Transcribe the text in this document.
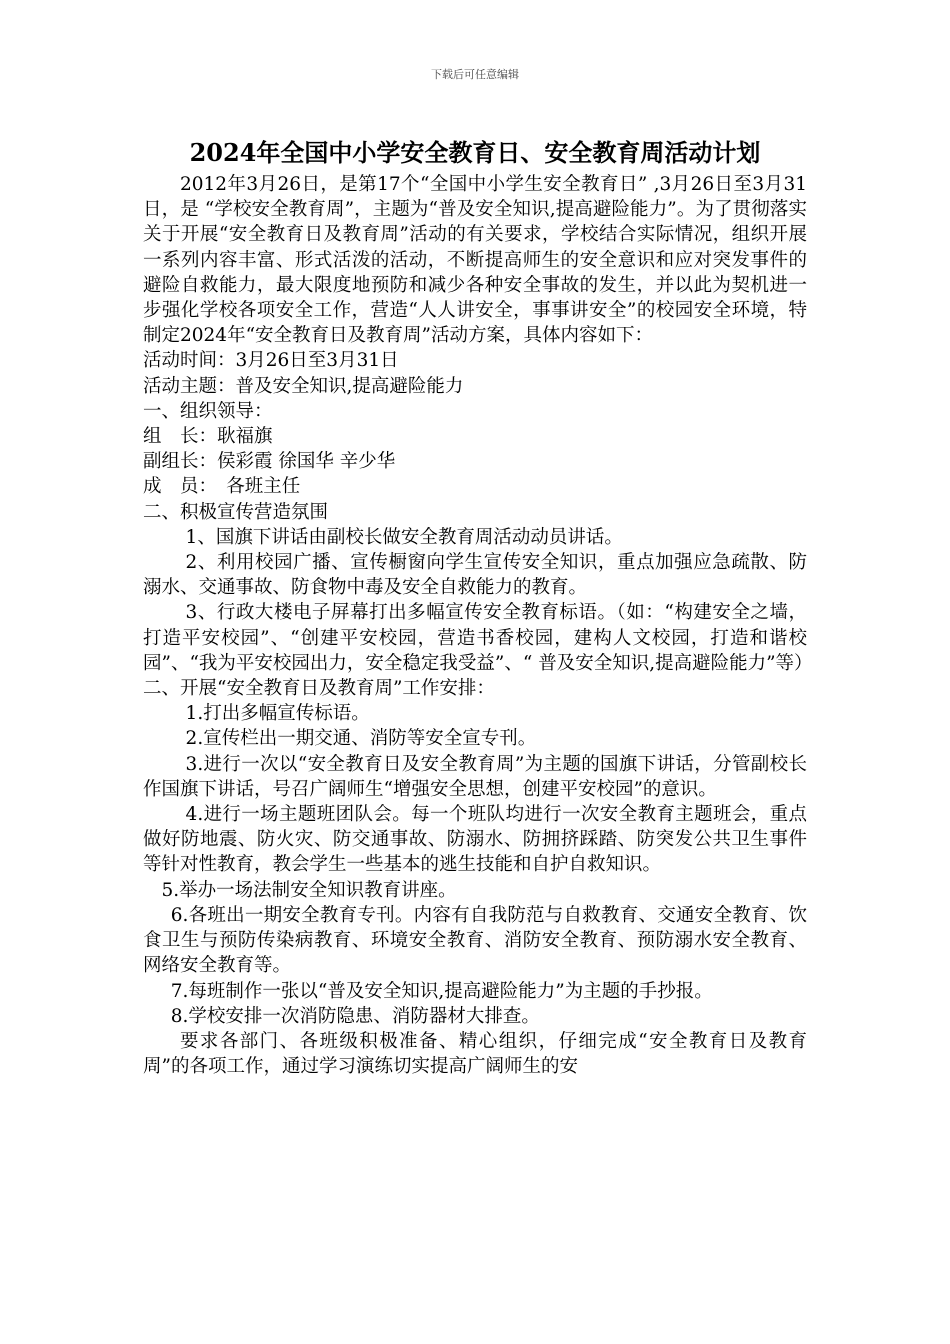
下载后可任意编辑
2024年全国中小学安全教育日、安全教育周活动计划

2012年3月26日，是第17个“全国中小学生安全教育日” ,3月26日至3月31日，是 “学校安全教育周”，主题为“普及安全知识,提高避险能力”。为了贯彻落实关于开展“安全教育日及教育周”活动的有关要求，学校结合实际情况，组织开展一系列内容丰富、形式活泼的活动，不断提高师生的安全意识和应对突发事件的避险自救能力，最大限度地预防和减少各种安全事故的发生，并以此为契机进一步强化学校各项安全工作，营造“人人讲安全，事事讲安全”的校园安全环境，特制定2024年“安全教育日及教育周”活动方案，具体内容如下：

活动时间：3月26日至3月31日

活动主题：普及安全知识,提高避险能力

一、组织领导：

组　长：耿福旗

副组长：侯彩霞 徐国华 辛少华

成　员：　各班主任

二、积极宣传营造氛围

1、国旗下讲话由副校长做安全教育周活动动员讲话。

2、利用校园广播、宣传橱窗向学生宣传安全知识，重点加强应急疏散、防溺水、交通事故、防食物中毒及安全自救能力的教育。

3、行政大楼电子屏幕打出多幅宣传安全教育标语。（如：“构建安全之墙，打造平安校园”、“创建平安校园，营造书香校园，建构人文校园，打造和谐校园”、“我为平安校园出力，安全稳定我受益”、“ 普及安全知识,提高避险能力”等）

二、开展“安全教育日及教育周”工作安排：

1.打出多幅宣传标语。

2.宣传栏出一期交通、消防等安全宣专刊。

3.进行一次以“安全教育日及安全教育周”为主题的国旗下讲话，分管副校长作国旗下讲话，号召广阔师生“增强安全思想，创建平安校园”的意识。

4.进行一场主题班团队会。每一个班队均进行一次安全教育主题班会，重点做好防地震、防火灾、防交通事故、防溺水、防拥挤踩踏、防突发公共卫生事件等针对性教育，教会学生一些基本的逃生技能和自护自救知识。

5.举办一场法制安全知识教育讲座。

6.各班出一期安全教育专刊。内容有自我防范与自救教育、交通安全教育、饮食卫生与预防传染病教育、环境安全教育、消防安全教育、预防溺水安全教育、网络安全教育等。

7.每班制作一张以“普及安全知识,提高避险能力”为主题的手抄报。

8.学校安排一次消防隐患、消防器材大排查。

要求各部门、各班级积极准备、精心组织，仔细完成“安全教育日及教育周”的各项工作，通过学习演练切实提高广阔师生的安
